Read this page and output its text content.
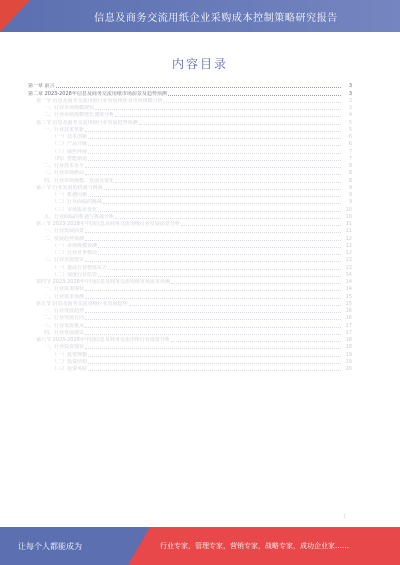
信息及商务交流用纸企业采购成本控制策略研究报告
内容目录
第一章 前言	3
第二章 2023-2028年信息及商务交流用纸市场前景及趋势预测	3
第一节 信息及商务交流用纸行业发展现状及市场规模分析	3
一、行业市场规模现状	3
二、行业市场规模增长速度分析	4
第二节 信息及商务交流用纸行业发展趋势预测	5
一、行业技术革新	5
（一）技术创新	6
（二）产品升级	6
（三）绿色环保	7
（四）智能制造	7
二、行业技术水平	8
三、行业市场格局	8
四、行业市场规模、发展及变化	8
第三节 行业发展的机遇与挑战	9
（一）机遇因素	9
（二）行业面临的挑战	9
（三）市场需求变化	10
五、行业面临的机遇与挑战分析	10
第三节 2023-2028年中国信息及商务交流用纸行业发展前景分析	11
一、行业发展前景	11
二、发展趋势预测	12
（一）市场规模预测	12
（二）行业竞争格局	12
三、行业发展建议	13
（一）提高行业整体实力	13
（二）加强行业监管	14
第四节 2023-2028年中国信息及商务交流用纸市场需求预测	14
一、行业需求现状	14
二、行业需求预测	15
第五节 信息及商务交流用纸行业发展趋势	15
一、行业发展趋势	16
二、行业发展方向	16
三、行业发展重点	17
四、行业发展建议	17
第六节 2023-2028年中国信息及商务交流用纸行业投资分析	18
一、行业投资现状	18
（一）投资规模	19
（二）投资结构	19
（三）投资风险	20
1
让每个人都能成为	行业专家，管理专家，营销专家，战略专家，成功企业家……
